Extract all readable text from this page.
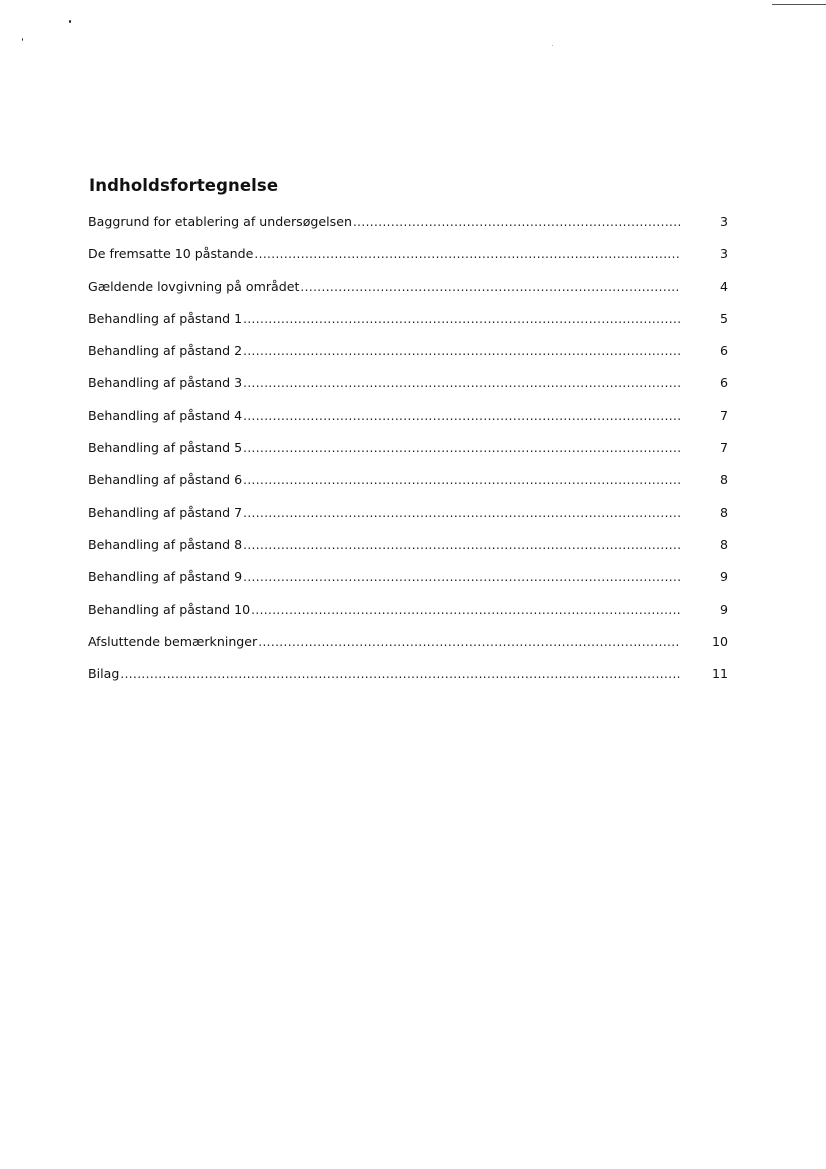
Indholdsfortegnelse
Baggrund for etablering af undersøgelsen .....	3
De fremsatte 10 påstande .....	3
Gældende lovgivning på området .....	4
Behandling af påstand 1 .....	5
Behandling af påstand 2 .....	6
Behandling af påstand 3 .....	6
Behandling af påstand 4 .....	7
Behandling af påstand 5 .....	7
Behandling af påstand 6 .....	8
Behandling af påstand 7 .....	8
Behandling af påstand 8 .....	8
Behandling af påstand 9 .....	9
Behandling af påstand 10 .....	9
Afsluttende bemærkninger .....	10
Bilag .....	11
